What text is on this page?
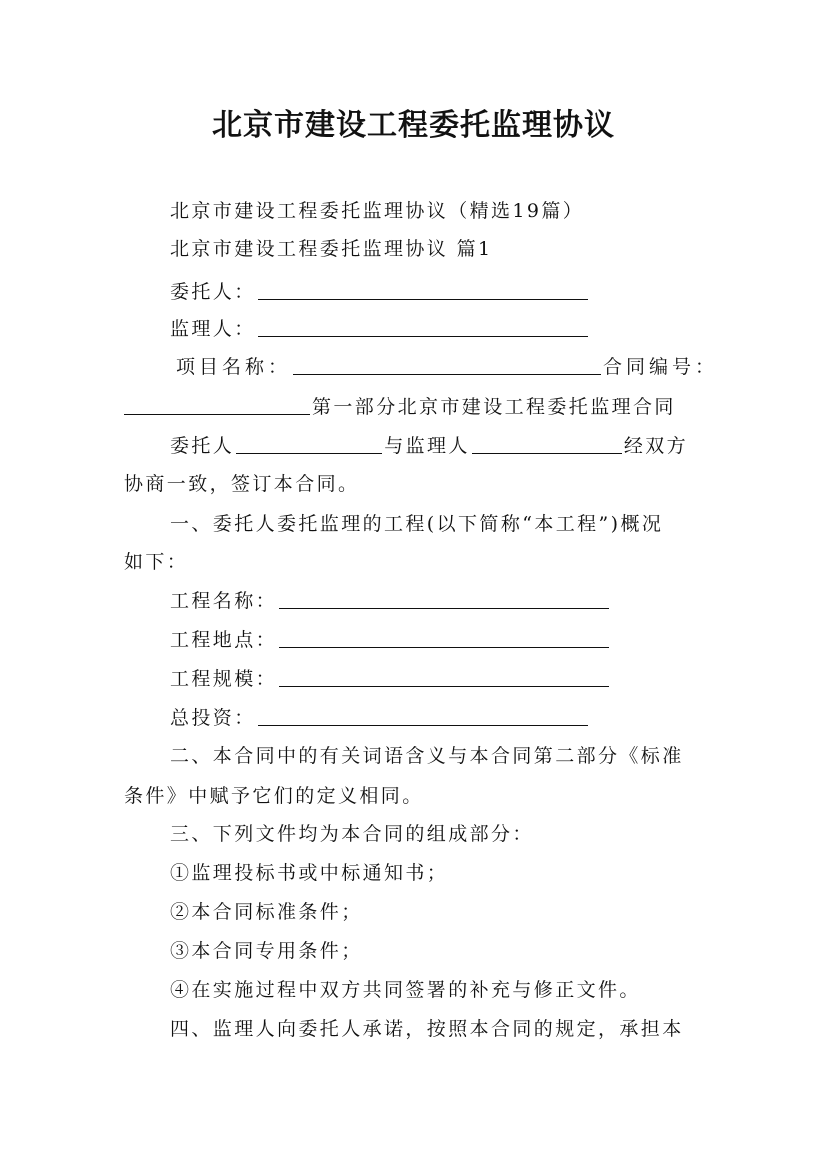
北京市建设工程委托监理协议
北京市建设工程委托监理协议（精选19篇）
北京市建设工程委托监理协议 篇1
委托人：
监理人：
项目名称：	合同编号：
第一部分北京市建设工程委托监理合同
委托人	与监理人	经双方
协商一致，签订本合同。
一、委托人委托监理的工程(以下简称“本工程”)概况
如下：
工程名称：
工程地点：
工程规模：
总投资：
二、本合同中的有关词语含义与本合同第二部分《标准
条件》中赋予它们的定义相同。
三、下列文件均为本合同的组成部分：
①监理投标书或中标通知书；
②本合同标准条件；
③本合同专用条件；
④在实施过程中双方共同签署的补充与修正文件。
四、监理人向委托人承诺，按照本合同的规定，承担本
